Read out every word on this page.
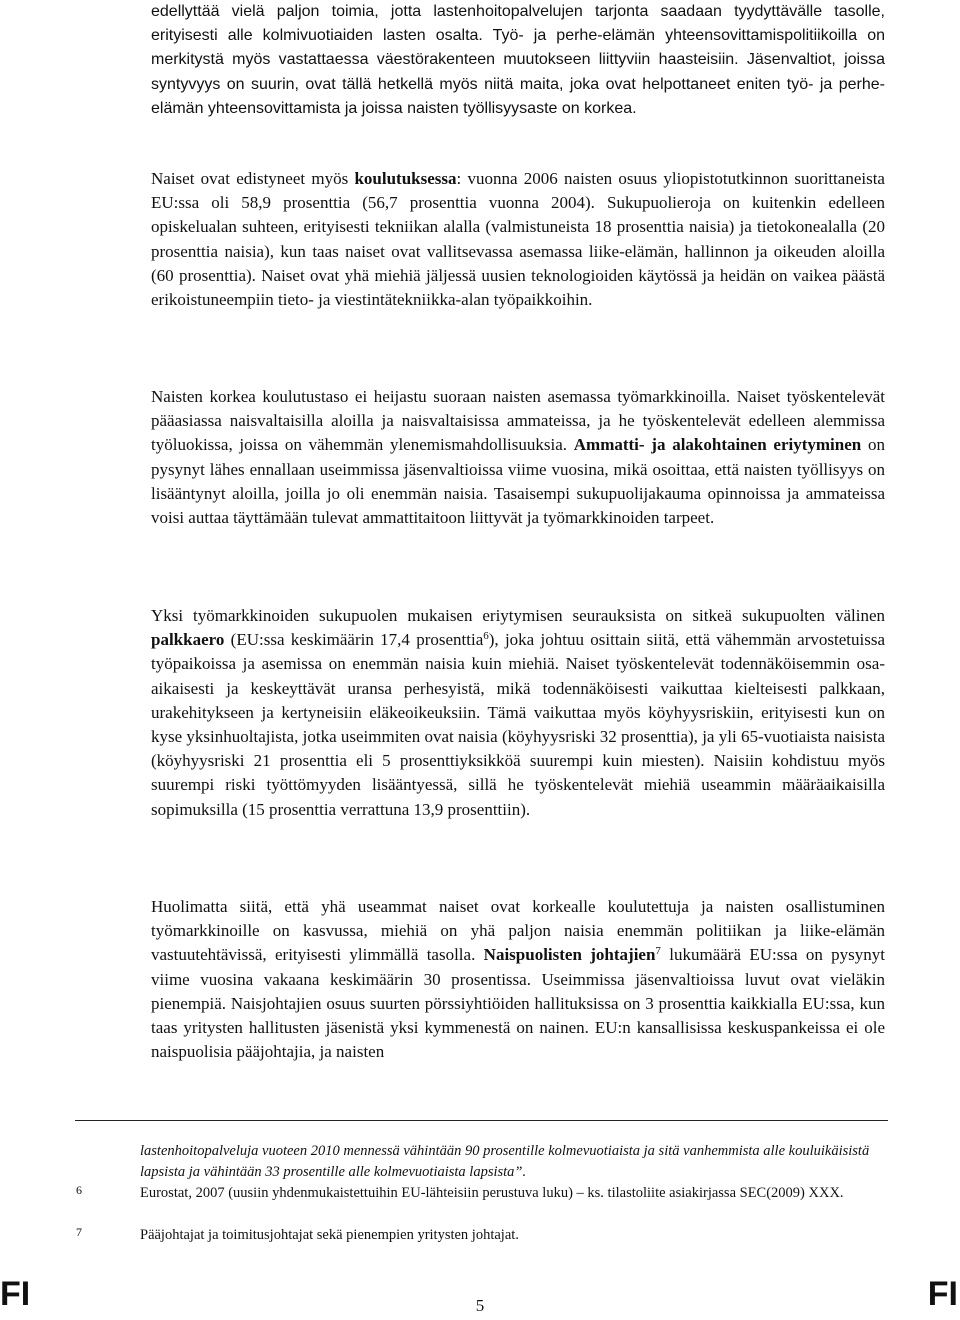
edellyttää vielä paljon toimia, jotta lastenhoitopalvelujen tarjonta saadaan tyydyttävälle tasolle, erityisesti alle kolmivuotiaiden lasten osalta. Työ- ja perhe-elämän yhteensovittamispolitiikoilla on merkitystä myös vastattaessa väestörakenteen muutokseen liittyviin haasteisiin. Jäsenvaltiot, joissa syntyvyys on suurin, ovat tällä hetkellä myös niitä maita, joka ovat helpottaneet eniten työ- ja perhe-elämän yhteensovittamista ja joissa naisten työllisyysaste on korkea.

Naiset ovat edistyneet myös koulutuksessa: vuonna 2006 naisten osuus yliopistotutkinnon suorittaneista EU:ssa oli 58,9 prosenttia (56,7 prosenttia vuonna 2004). Sukupuolieroja on kuitenkin edelleen opiskelualan suhteen, erityisesti tekniikan alalla (valmistuneista 18 prosenttia naisia) ja tietokonealalla (20 prosenttia naisia), kun taas naiset ovat vallitsevassa asemassa liike-elämän, hallinnon ja oikeuden aloilla (60 prosenttia). Naiset ovat yhä miehiä jäljessä uusien teknologioiden käytössä ja heidän on vaikea päästä erikoistuneempiin tieto- ja viestintätekniikka-alan työpaikkoihin.

Naisten korkea koulutustaso ei heijastu suoraan naisten asemassa työmarkkinoilla. Naiset työskentelevät pääasiassa naisvaltaisilla aloilla ja naisvaltaisissa ammateissa, ja he työskentelevät edelleen alemmissa työluokissa, joissa on vähemmän ylenemismahdollisuuksia. Ammatti- ja alakohtainen eriytyminen on pysynyt lähes ennallaan useimmissa jäsenvaltioissa viime vuosina, mikä osoittaa, että naisten työllisyys on lisääntynyt aloilla, joilla jo oli enemmän naisia. Tasaisempi sukupuolijakauma opinnoissa ja ammateissa voisi auttaa täyttämään tulevat ammattitaitoon liittyvät ja työmarkkinoiden tarpeet.

Yksi työmarkkinoiden sukupuolen mukaisen eriytymisen seurauksista on sitkeä sukupuolten välinen palkkaero (EU:ssa keskimäärin 17,4 prosenttia$^6$), joka johtuu osittain siitä, että vähemmän arvostetuissa työpaikoissa ja asemissa on enemmän naisia kuin miehiä. Naiset työskentelevät todennäköisemmin osa-aikaisesti ja keskeyttävät uransa perhesyistä, mikä todennäköisesti vaikuttaa kielteisesti palkkaan, urakehitykseen ja kertyneisiin eläkeoikeuksiin. Tämä vaikuttaa myös köyhyysriskiin, erityisesti kun on kyse yksinhuoltajista, jotka useimmiten ovat naisia (köyhyysriski 32 prosenttia), ja yli 65-vuotiaista naisista (köyhyysriski 21 prosenttia eli 5 prosenttiyksikköä suurempi kuin miesten). Naisiin kohdistuu myös suurempi riski työttömyyden lisääntyessä, sillä he työskentelevät miehiä useammin määräaikaisilla sopimuksilla (15 prosenttia verrattuna 13,9 prosenttiin).

Huolimatta siitä, että yhä useammat naiset ovat korkealle koulutettuja ja naisten osallistuminen työmarkkinoille on kasvussa, miehiä on yhä paljon naisia enemmän politiikan ja liike-elämän vastuutehtävissä, erityisesti ylimmällä tasolla. Naispuolisten johtajien$^7$ lukumäärä EU:ssa on pysynyt viime vuosina vakaana keskimäärin 30 prosentissa. Useimmissa jäsenvaltioissa luvut ovat vieläkin pienempiä. Naisjohtajien osuus suurten pörssiyhtiöiden hallituksissa on 3 prosenttia kaikkialla EU:ssa, kun taas yritysten hallitusten jäsenistä yksi kymmenestä on nainen. EU:n kansallisissa keskuspankeissa ei ole naispuolisia pääjohtajia, ja naisten

lastenhoitopalveluja vuoteen 2010 mennessä vähintään 90 prosentille kolmevuotiaista ja sitä vanhemmista alle kouluikäisistä lapsista ja vähintään 33 prosentille alle kolmevuotiaista lapsista”.

6	Eurostat, 2007 (uusiin yhdenmukaistettuihin EU-lähteisiin perustuva luku) – ks. tilastoliite asiakirjassa SEC(2009) XXX.

7	Pääjohtajat ja toimitusjohtajat sekä pienempien yritysten johtajat.

FI	5	FI
